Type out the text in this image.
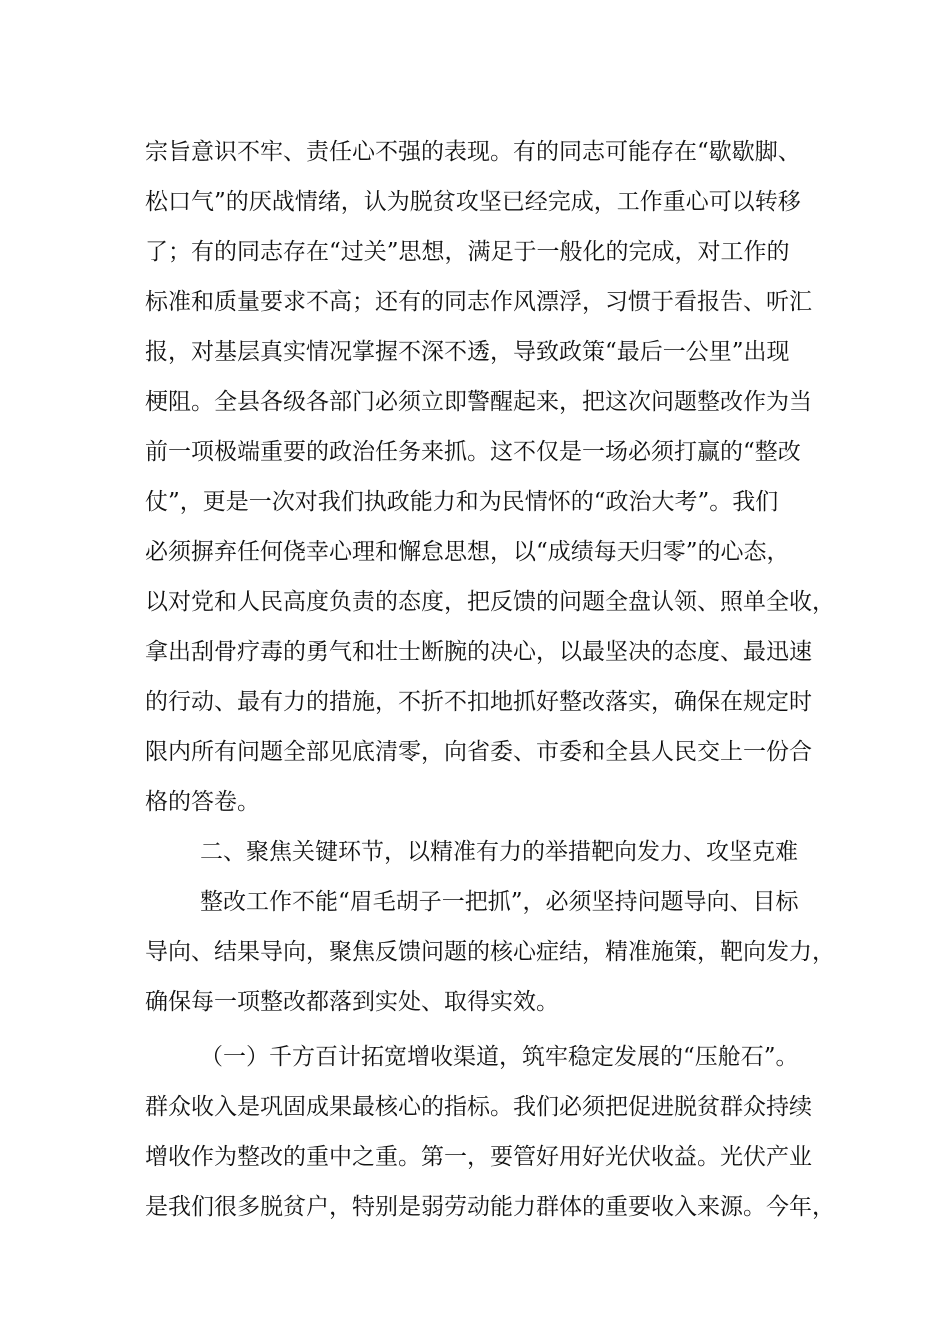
宗旨意识不牢、责任心不强的表现。有的同志可能存在“歇歇脚、
松口气”的厌战情绪，认为脱贫攻坚已经完成，工作重心可以转移
了；有的同志存在“过关”思想，满足于一般化的完成，对工作的
标准和质量要求不高；还有的同志作风漂浮，习惯于看报告、听汇
报，对基层真实情况掌握不深不透，导致政策“最后一公里”出现
梗阻。全县各级各部门必须立即警醒起来，把这次问题整改作为当
前一项极端重要的政治任务来抓。这不仅是一场必须打赢的“整改
仗”，更是一次对我们执政能力和为民情怀的“政治大考”。我们
必须摒弃任何侥幸心理和懈怠思想，以“成绩每天归零”的心态，
以对党和人民高度负责的态度，把反馈的问题全盘认领、照单全收，
拿出刮骨疗毒的勇气和壮士断腕的决心，以最坚决的态度、最迅速
的行动、最有力的措施，不折不扣地抓好整改落实，确保在规定时
限内所有问题全部见底清零，向省委、市委和全县人民交上一份合
格的答卷。
二、聚焦关键环节，以精准有力的举措靶向发力、攻坚克难
整改工作不能“眉毛胡子一把抓”，必须坚持问题导向、目标
导向、结果导向，聚焦反馈问题的核心症结，精准施策，靶向发力，
确保每一项整改都落到实处、取得实效。
（一）千方百计拓宽增收渠道，筑牢稳定发展的“压舱石”。
群众收入是巩固成果最核心的指标。我们必须把促进脱贫群众持续
增收作为整改的重中之重。第一，要管好用好光伏收益。光伏产业
是我们很多脱贫户，特别是弱劳动能力群体的重要收入来源。今年，
